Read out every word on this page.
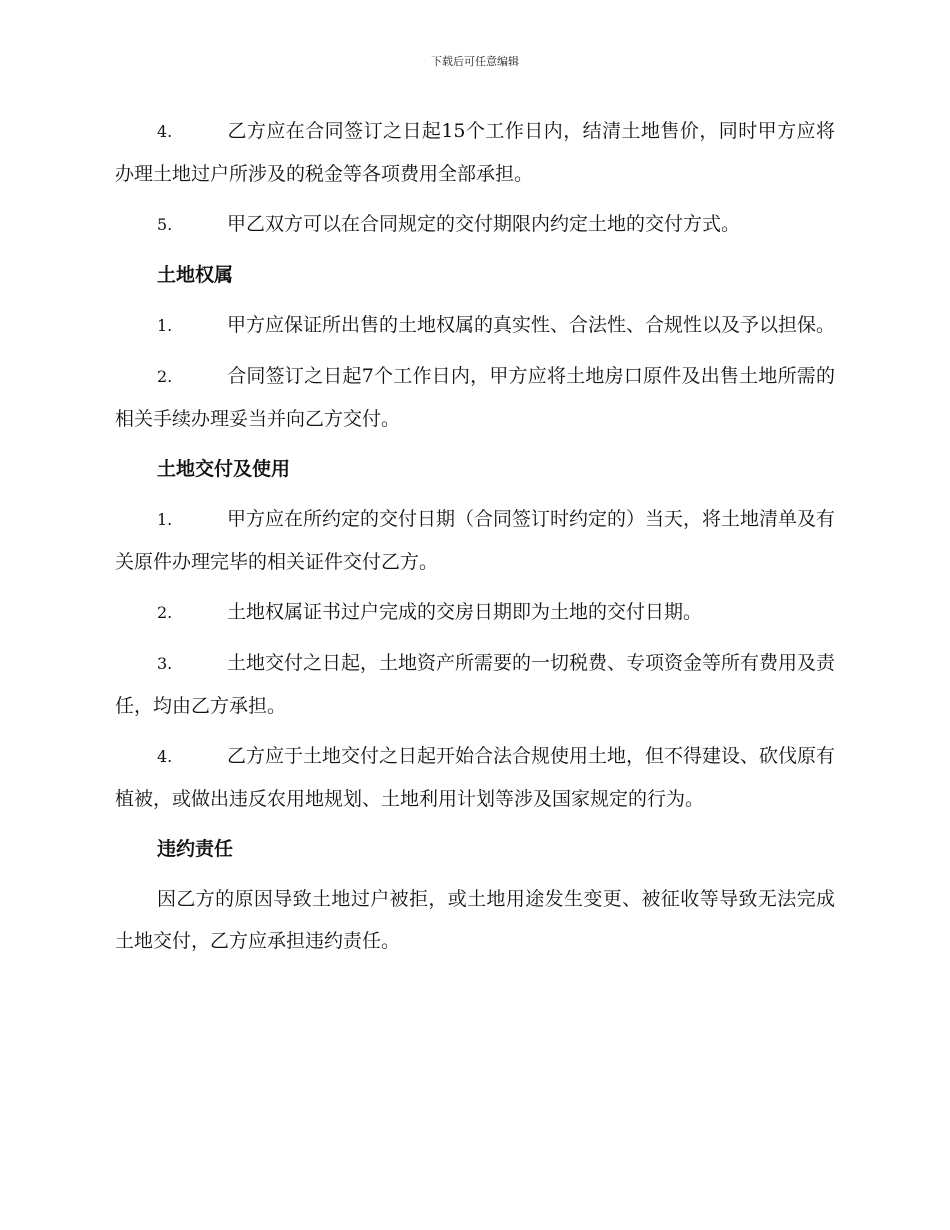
下载后可任意编辑

4.	乙方应在合同签订之日起15个工作日内，结清土地售价，同时甲方应将办理土地过户所涉及的税金等各项费用全部承担。

5.	甲乙双方可以在合同规定的交付期限内约定土地的交付方式。

土地权属

1.	甲方应保证所出售的土地权属的真实性、合法性、合规性以及予以担保。

2.	合同签订之日起7个工作日内，甲方应将土地房口原件及出售土地所需的相关手续办理妥当并向乙方交付。

土地交付及使用

1.	甲方应在所约定的交付日期（合同签订时约定的）当天，将土地清单及有关原件办理完毕的相关证件交付乙方。

2.	土地权属证书过户完成的交房日期即为土地的交付日期。

3.	土地交付之日起，土地资产所需要的一切税费、专项资金等所有费用及责任，均由乙方承担。

4.	乙方应于土地交付之日起开始合法合规使用土地，但不得建设、砍伐原有植被，或做出违反农用地规划、土地利用计划等涉及国家规定的行为。

违约责任

因乙方的原因导致土地过户被拒，或土地用途发生变更、被征收等导致无法完成土地交付，乙方应承担违约责任。
